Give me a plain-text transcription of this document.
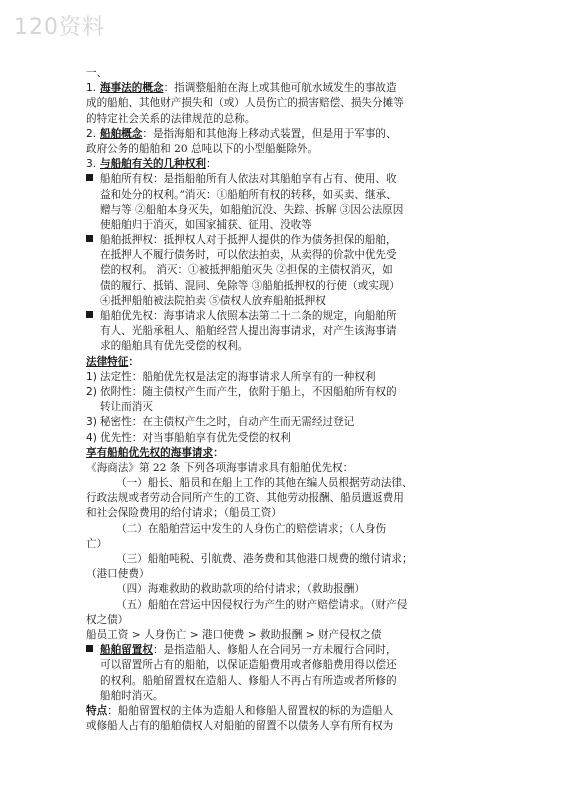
120资料
一、
1. 海事法的概念：指调整船舶在海上或其他可航水域发生的事故造
成的船舶、其他财产损失和（或）人员伤亡的损害赔偿、损失分摊等
的特定社会关系的法律规范的总称。
2. 船舶概念：是指海船和其他海上移动式装置，但是用于军事的、
政府公务的船舶和 20 总吨以下的小型船艇除外。
3. 与船舶有关的几种权利：
船舶所有权：是指船舶所有人依法对其船舶享有占有、使用、收
益和处分的权利。”消灭：①船舶所有权的转移，如买卖、继承、
赠与等 ②船舶本身灭失，如船舶沉没、失踪、拆解 ③因公法原因
使船舶归于消灭，如国家捕获、征用、没收等
船舶抵押权：抵押权人对于抵押人提供的作为债务担保的船舶，
在抵押人不履行债务时，可以依法拍卖，从卖得的价款中优先受
偿的权利。 消灭：①被抵押船舶灭失 ②担保的主债权消灭，如
债的履行、抵销、混同、免除等 ③船舶抵押权的行使（或实现）
④抵押船舶被法院拍卖 ⑤债权人放弃船舶抵押权
船舶优先权：海事请求人依照本法第二十二条的规定，向船舶所
有人、光船承租人、船舶经营人提出海事请求，对产生该海事请
求的船舶具有优先受偿的权利。
法律特征：
1) 法定性：船舶优先权是法定的海事请求人所享有的一种权利
2) 依附性：随主债权产生而产生，依附于船上，不因船舶所有权的
转让而消灭
3) 秘密性：在主债权产生之时，自动产生而无需经过登记
4) 优先性：对当事船舶享有优先受偿的权利
享有船舶优先权的海事请求：
《海商法》第 22 条 下列各项海事请求具有船舶优先权：
（一）船长、船员和在船上工作的其他在编人员根据劳动法律、
行政法规或者劳动合同所产生的工资、其他劳动报酬、船员遣返费用
和社会保险费用的给付请求；（船员工资）
（二）在船舶营运中发生的人身伤亡的赔偿请求；（人身伤
亡）
（三）船舶吨税、引航费、港务费和其他港口规费的缴付请求；
（港口使费）
（四）海难救助的救助款项的给付请求；（救助报酬）
（五）船舶在营运中因侵权行为产生的财产赔偿请求。（财产侵
权之债）
船员工资 > 人身伤亡 > 港口使费 > 救助报酬 > 财产侵权之债
船舶留置权：是指造船人、修船人在合同另一方未履行合同时，
可以留置所占有的船舶，以保证造船费用或者修船费用得以偿还
的权利。船舶留置权在造船人、修船人不再占有所造或者所修的
船舶时消灭。
特点：船舶留置权的主体为造船人和修船人留置权的标的为造船人
或修船人占有的船舶债权人对船舶的留置不以债务人享有所有权为
